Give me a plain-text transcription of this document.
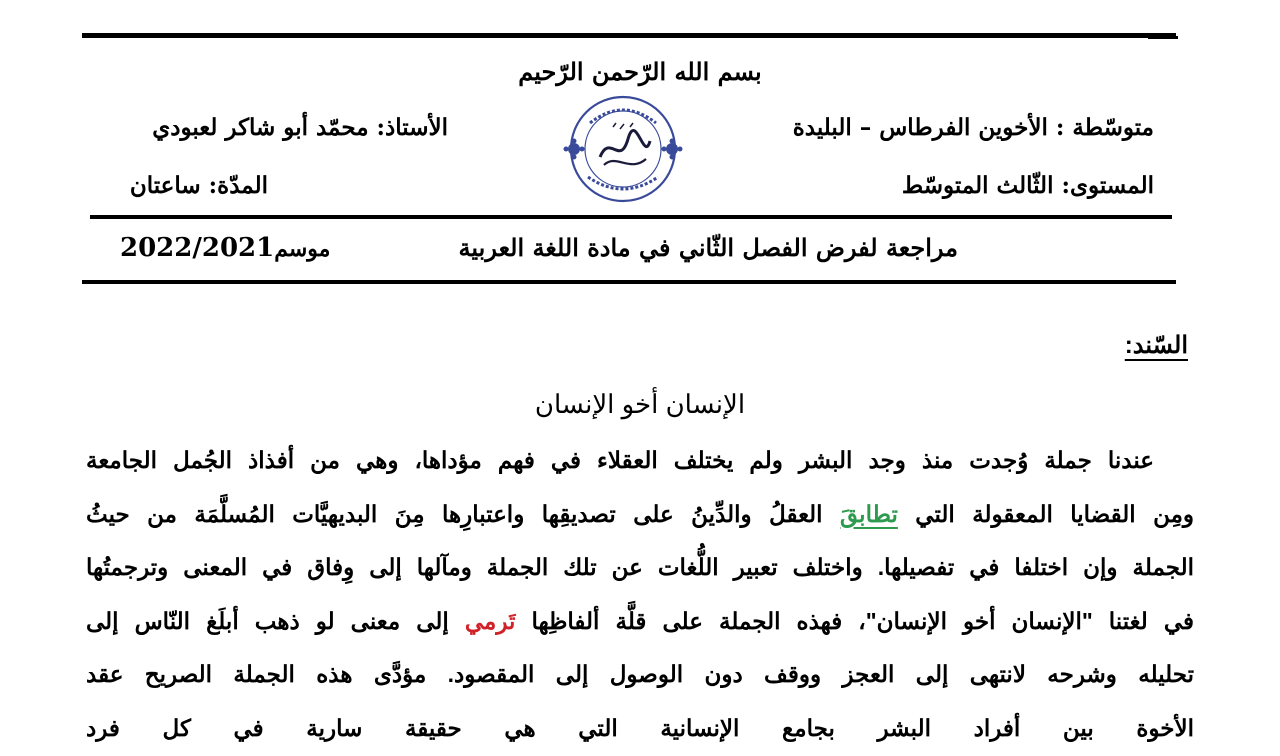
بسم الله الرّحمن الرّحيم
متوسّطة : الأخوين الفرطاس – البليدة
المستوى: الثّالث المتوسّط
الأستاذ: محمّد أبو شاكر لعبودي
المدّة: ساعتان
مراجعة لفرض الفصل الثّاني في مادة اللغة العربية
2022/2021موسم
السّند:
الإنسان أخو الإنسان
عندنا جملة وُجدت منذ وجد البشر ولم يختلف العقلاء في فهم مؤداها، وهي من أفذاذ الجُمل الجامعة
ومِن القضايا المعقولة التي تطابقَ العقلُ والدِّينُ على تصديقِها واعتبارِها مِنَ البديهيَّات المُسلَّمَة من حيثُ
الجملة وإن اختلفا في تفصيلها. واختلف تعبير اللُّغات عن تلك الجملة ومآلها إلى وِفاق في المعنى وترجمتُها
في لغتنا "الإنسان أخو الإنسان"، فهذه الجملة على قلَّة ألفاظِها تَرمي إلى معنى لو ذهب أبلَغ النّاس إلى
تحليله وشرحه لانتهى إلى العجز ووقف دون الوصول إلى المقصود. مؤدَّى هذه الجملة الصريح عقد
الأخوة بين أفراد البشر بجامع الإنسانية التي هي حقيقة سارية في كل فرد
